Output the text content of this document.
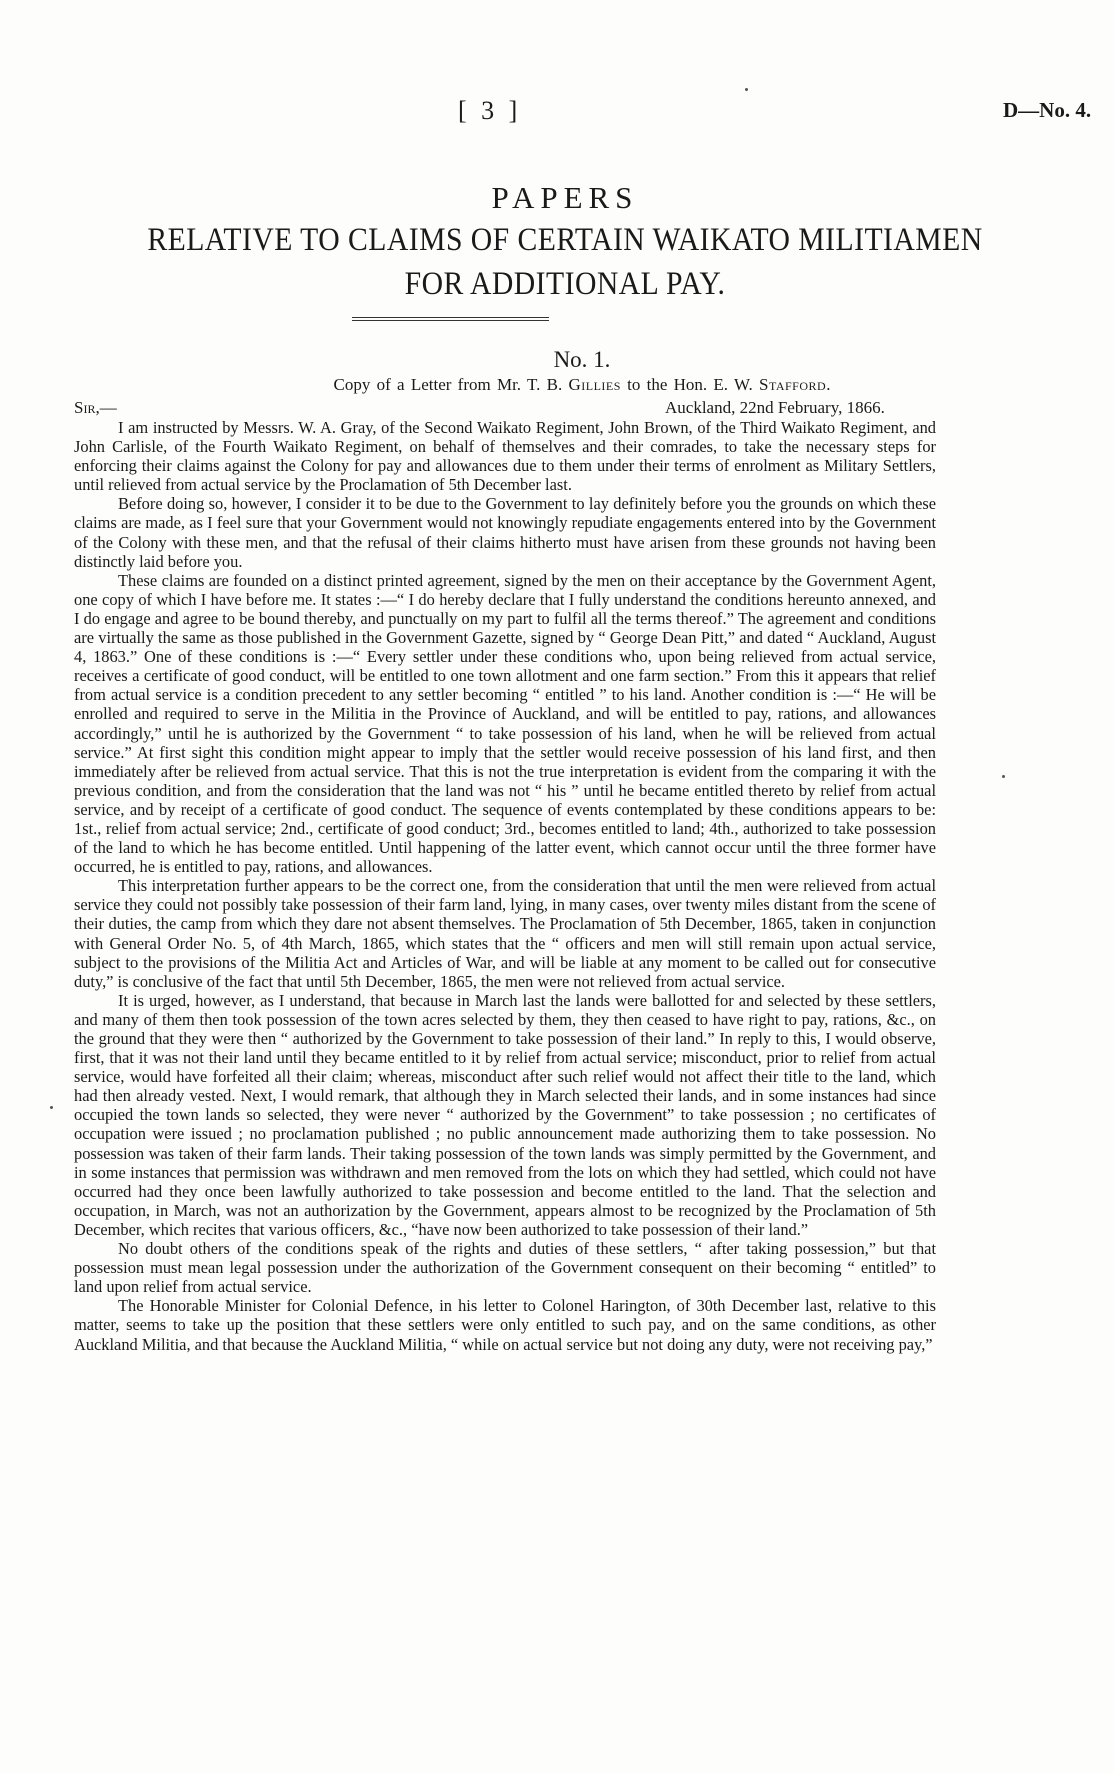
[ 3 ]	D—No. 4.
PAPERS
RELATIVE TO CLAIMS OF CERTAIN WAIKATO MILITIAMEN
FOR ADDITIONAL PAY.
No. 1.
Copy of a Letter from Mr. T. B. Gillies to the Hon. E. W. Stafford.
Sir,—	Auckland, 22nd February, 1866.

I am instructed by Messrs. W. A. Gray, of the Second Waikato Regiment, John Brown, of the Third Waikato Regiment, and John Carlisle, of the Fourth Waikato Regiment, on behalf of themselves and their comrades, to take the necessary steps for enforcing their claims against the Colony for pay and allowances due to them under their terms of enrolment as Military Settlers, until relieved from actual service by the Proclamation of 5th December last.

Before doing so, however, I consider it to be due to the Government to lay definitely before you the grounds on which these claims are made, as I feel sure that your Government would not knowingly repudiate engagements entered into by the Government of the Colony with these men, and that the refusal of their claims hitherto must have arisen from these grounds not having been distinctly laid before you.

These claims are founded on a distinct printed agreement, signed by the men on their acceptance by the Government Agent, one copy of which I have before me. It states :—“ I do hereby declare that I fully understand the conditions hereunto annexed, and I do engage and agree to be bound thereby, and punctually on my part to fulfil all the terms thereof.” The agreement and conditions are virtually the same as those published in the Government Gazette, signed by “ George Dean Pitt,” and dated “ Auckland, August 4, 1863.” One of these conditions is :—“ Every settler under these conditions who, upon being relieved from actual service, receives a certificate of good conduct, will be entitled to one town allotment and one farm section.” From this it appears that relief from actual service is a condition precedent to any settler becoming “ entitled ” to his land. Another condition is :—“ He will be enrolled and required to serve in the Militia in the Province of Auckland, and will be entitled to pay, rations, and allowances accordingly,” until he is authorized by the Government “ to take possession of his land, when he will be relieved from actual service.” At first sight this condition might appear to imply that the settler would receive possession of his land first, and then immediately after be relieved from actual service. That this is not the true interpretation is evident from the comparing it with the previous condition, and from the consideration that the land was not “ his ” until he became entitled thereto by relief from actual service, and by receipt of a certificate of good conduct. The sequence of events contemplated by these conditions appears to be: 1st., relief from actual service; 2nd., certificate of good conduct; 3rd., becomes entitled to land; 4th., authorized to take possession of the land to which he has become entitled. Until happening of the latter event, which cannot occur until the three former have occurred, he is entitled to pay, rations, and allowances.

This interpretation further appears to be the correct one, from the consideration that until the men were relieved from actual service they could not possibly take possession of their farm land, lying, in many cases, over twenty miles distant from the scene of their duties, the camp from which they dare not absent themselves. The Proclamation of 5th December, 1865, taken in conjunction with General Order No. 5, of 4th March, 1865, which states that the “ officers and men will still remain upon actual service, subject to the provisions of the Militia Act and Articles of War, and will be liable at any moment to be called out for consecutive duty,” is conclusive of the fact that until 5th December, 1865, the men were not relieved from actual service.

It is urged, however, as I understand, that because in March last the lands were ballotted for and selected by these settlers, and many of them then took possession of the town acres selected by them, they then ceased to have right to pay, rations, &c., on the ground that they were then “ authorized by the Government to take possession of their land.” In reply to this, I would observe, first, that it was not their land until they became entitled to it by relief from actual service; misconduct, prior to relief from actual service, would have forfeited all their claim; whereas, misconduct after such relief would not affect their title to the land, which had then already vested. Next, I would remark, that although they in March selected their lands, and in some instances had since occupied the town lands so selected, they were never “ authorized by the Government” to take possession ; no certificates of occupation were issued ; no proclamation published ; no public announcement made authorizing them to take possession. No possession was taken of their farm lands. Their taking possession of the town lands was simply permitted by the Government, and in some instances that permission was withdrawn and men removed from the lots on which they had settled, which could not have occurred had they once been lawfully authorized to take possession and become entitled to the land. That the selection and occupation, in March, was not an authorization by the Government, appears almost to be recognized by the Proclamation of 5th December, which recites that various officers, &c., “have now been authorized to take possession of their land.”

No doubt others of the conditions speak of the rights and duties of these settlers, “ after taking possession,” but that possession must mean legal possession under the authorization of the Government consequent on their becoming “ entitled” to land upon relief from actual service.

The Honorable Minister for Colonial Defence, in his letter to Colonel Harington, of 30th December last, relative to this matter, seems to take up the position that these settlers were only entitled to such pay, and on the same conditions, as other Auckland Militia, and that because the Auckland Militia, “ while on actual service but not doing any duty, were not receiving pay,”
